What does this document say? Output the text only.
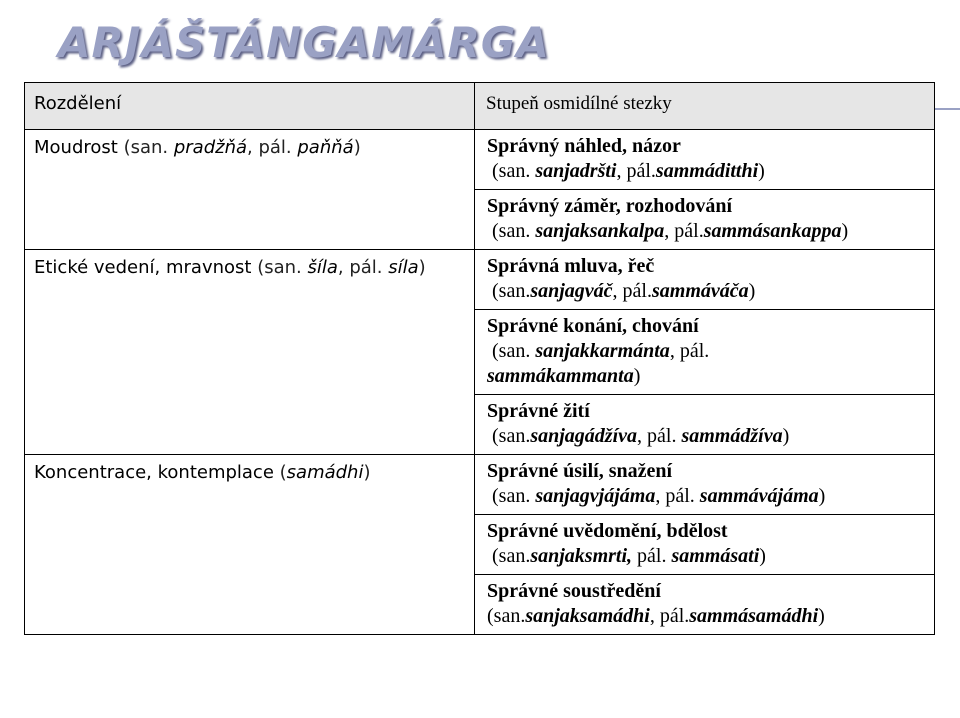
ARJÁŠTÁNGAMÁRGA
Rozdělení	Stupeň osmidílné stezky
Moudrost (san. pradžňá, pál. paňňá)	Správný náhled, názor
(san. sanjadršti, pál.sammáditthi)

	Správný záměr, rozhodování
(san. sanjaksankalpa, pál.sammásankappa)

Etické vedení, mravnost (san. šíla, pál. síla)	Správná mluva, řeč
(san.sanjagváč, pál.sammáváča)

	Správné konání, chování
(san. sanjakkarmánta, pál.
sammákammanta)

	Správné žití
(san.sanjagádžíva, pál. sammádžíva)

Koncentrace, kontemplace (samádhi)	Správné úsilí, snažení
(san. sanjagvjájáma, pál. sammávájáma)

	Správné uvědomění, bdělost
(san.sanjaksmrti, pál. sammásati)

	Správné soustředění
(san.sanjaksamádhi, pál.sammásamádhi)
